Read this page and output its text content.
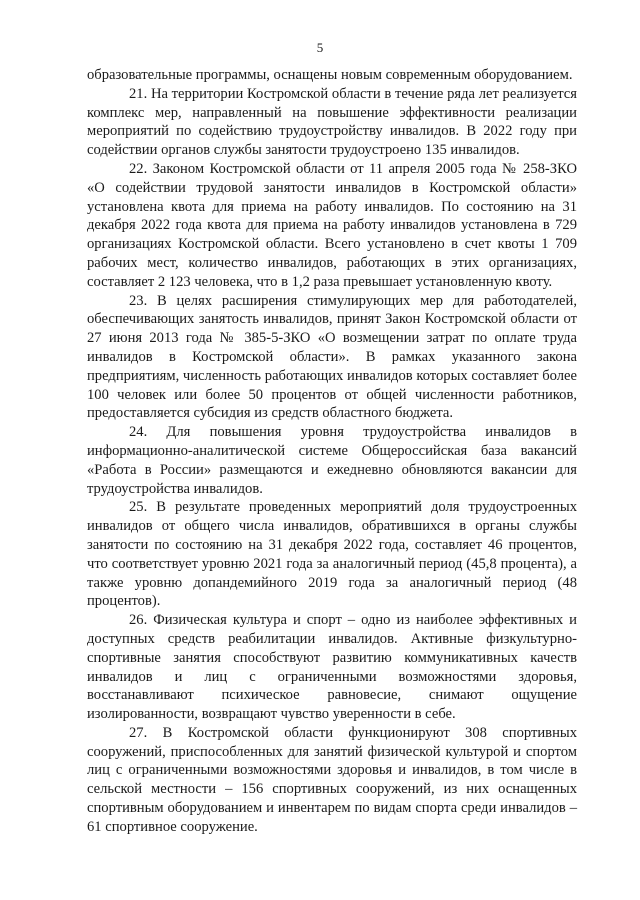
5

образовательные программы, оснащены новым современным оборудованием.

21. На территории Костромской области в течение ряда лет реализуется комплекс мер, направленный на повышение эффективности реализации мероприятий по содействию трудоустройству инвалидов. В 2022 году при содействии органов службы занятости трудоустроено 135 инвалидов.

22. Законом Костромской области от 11 апреля 2005 года № 258-ЗКО «О содействии трудовой занятости инвалидов в Костромской области» установлена квота для приема на работу инвалидов. По состоянию на 31 декабря 2022 года квота для приема на работу инвалидов установлена в 729 организациях Костромской области. Всего установлено в счет квоты 1 709 рабочих мест, количество инвалидов, работающих в этих организациях, составляет 2 123 человека, что в 1,2 раза превышает установленную квоту.

23. В целях расширения стимулирующих мер для работодателей, обеспечивающих занятость инвалидов, принят Закон Костромской области от 27 июня 2013 года № 385-5-ЗКО «О возмещении затрат по оплате труда инвалидов в Костромской области». В рамках указанного закона предприятиям, численность работающих инвалидов которых составляет более 100 человек или более 50 процентов от общей численности работников, предоставляется субсидия из средств областного бюджета.

24. Для повышения уровня трудоустройства инвалидов в информационно-аналитической системе Общероссийская база вакансий «Работа в России» размещаются и ежедневно обновляются вакансии для трудоустройства инвалидов.

25. В результате проведенных мероприятий доля трудоустроенных инвалидов от общего числа инвалидов, обратившихся в органы службы занятости по состоянию на 31 декабря 2022 года, составляет 46 процентов, что соответствует уровню 2021 года за аналогичный период (45,8 процента), а также уровню допандемийного 2019 года за аналогичный период (48 процентов).

26. Физическая культура и спорт – одно из наиболее эффективных и доступных средств реабилитации инвалидов. Активные физкультурно-спортивные занятия способствуют развитию коммуникативных качеств инвалидов и лиц с ограниченными возможностями здоровья, восстанавливают психическое равновесие, снимают ощущение изолированности, возвращают чувство уверенности в себе.

27. В Костромской области функционируют 308 спортивных сооружений, приспособленных для занятий физической культурой и спортом лиц с ограниченными возможностями здоровья и инвалидов, в том числе в сельской местности – 156 спортивных сооружений, из них оснащенных спортивным оборудованием и инвентарем по видам спорта среди инвалидов – 61 спортивное сооружение.
